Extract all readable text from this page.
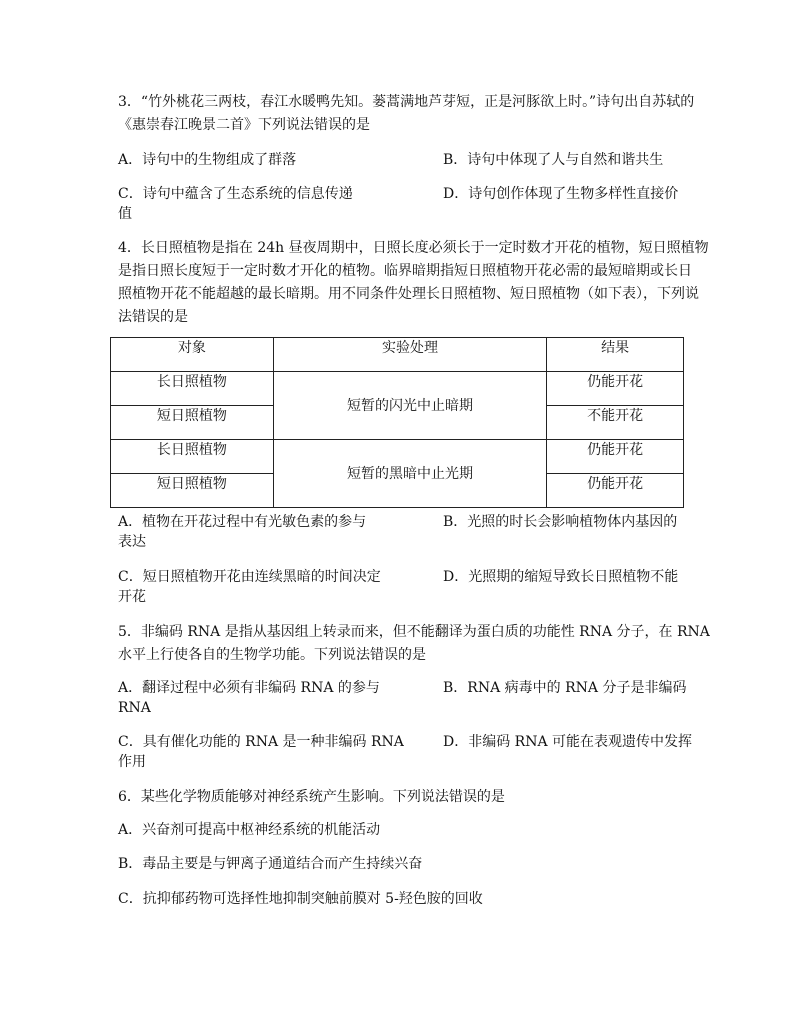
3．“竹外桃花三两枝，春江水暖鸭先知。蒌蒿满地芦芽短，正是河豚欲上时。”诗句出自苏轼的
《惠崇春江晚景二首》下列说法错误的是
A．诗句中的生物组成了群落	B．诗句中体现了人与自然和谐共生
C．诗句中蕴含了生态系统的信息传递	D．诗句创作体现了生物多样性直接价
值
4．长日照植物是指在 24h 昼夜周期中，日照长度必须长于一定时数才开花的植物，短日照植物
是指日照长度短于一定时数才开化的植物。临界暗期指短日照植物开花必需的最短暗期或长日
照植物开花不能超越的最长暗期。用不同条件处理长日照植物、短日照植物（如下表），下列说
法错误的是
对象	实验处理	结果
长日照植物	短暂的闪光中止暗期	仍能开花
短日照植物		不能开花
长日照植物	短暂的黑暗中止光期	仍能开花
短日照植物		仍能开花
A．植物在开花过程中有光敏色素的参与	B．光照的时长会影响植物体内基因的
表达
C．短日照植物开花由连续黑暗的时间决定	D．光照期的缩短导致长日照植物不能
开花
5．非编码 RNA 是指从基因组上转录而来，但不能翻译为蛋白质的功能性 RNA 分子，在 RNA
水平上行使各自的生物学功能。下列说法错误的是
A．翻译过程中必须有非编码 RNA 的参与	B．RNA 病毒中的 RNA 分子是非编码
RNA
C．具有催化功能的 RNA 是一种非编码 RNA	D．非编码 RNA 可能在表观遗传中发挥
作用
6．某些化学物质能够对神经系统产生影响。下列说法错误的是
A．兴奋剂可提高中枢神经系统的机能活动
B．毒品主要是与钾离子通道结合而产生持续兴奋
C．抗抑郁药物可选择性地抑制突触前膜对 5-羟色胺的回收
